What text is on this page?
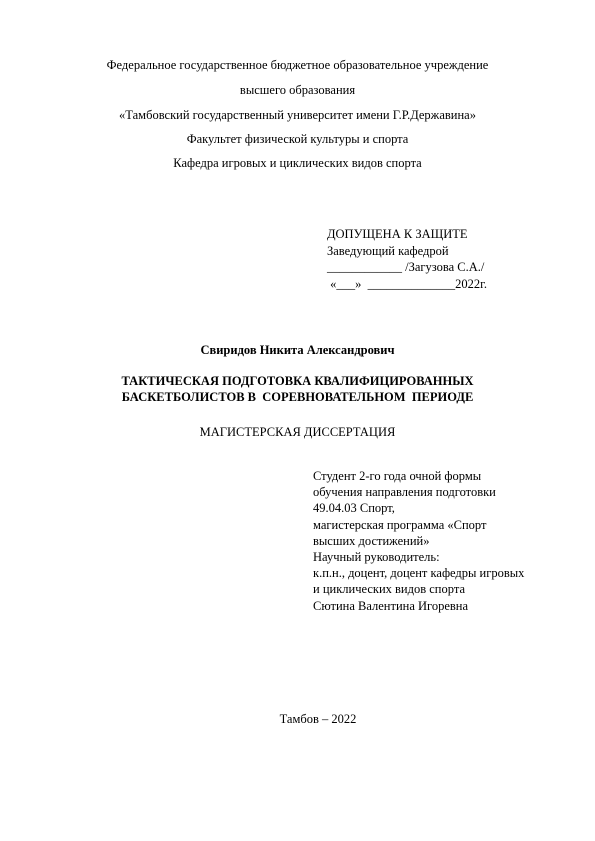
Федеральное государственное бюджетное образовательное учреждение
высшего образования
«Тамбовский государственный университет имени Г.Р.Державина»
Факультет физической культуры и спорта
Кафедра игровых и циклических видов спорта
ДОПУЩЕНА К ЗАЩИТЕ
Заведующий кафедрой
____________ /Загузова С.А./
«___»  ______________2022г.
Свиридов Никита Александрович
ТАКТИЧЕСКАЯ ПОДГОТОВКА КВАЛИФИЦИРОВАННЫХ
БАСКЕТБОЛИСТОВ В  СОРЕВНОВАТЕЛЬНОМ  ПЕРИОДЕ
МАГИСТЕРСКАЯ ДИССЕРТАЦИЯ
Студент 2-го года очной формы
обучения направления подготовки
49.04.03 Спорт,
магистерская программа «Спорт
высших достижений»
Научный руководитель:
к.п.н., доцент, доцент кафедры игровых
и циклических видов спорта
Сютина Валентина Игоревна
Тамбов – 2022
